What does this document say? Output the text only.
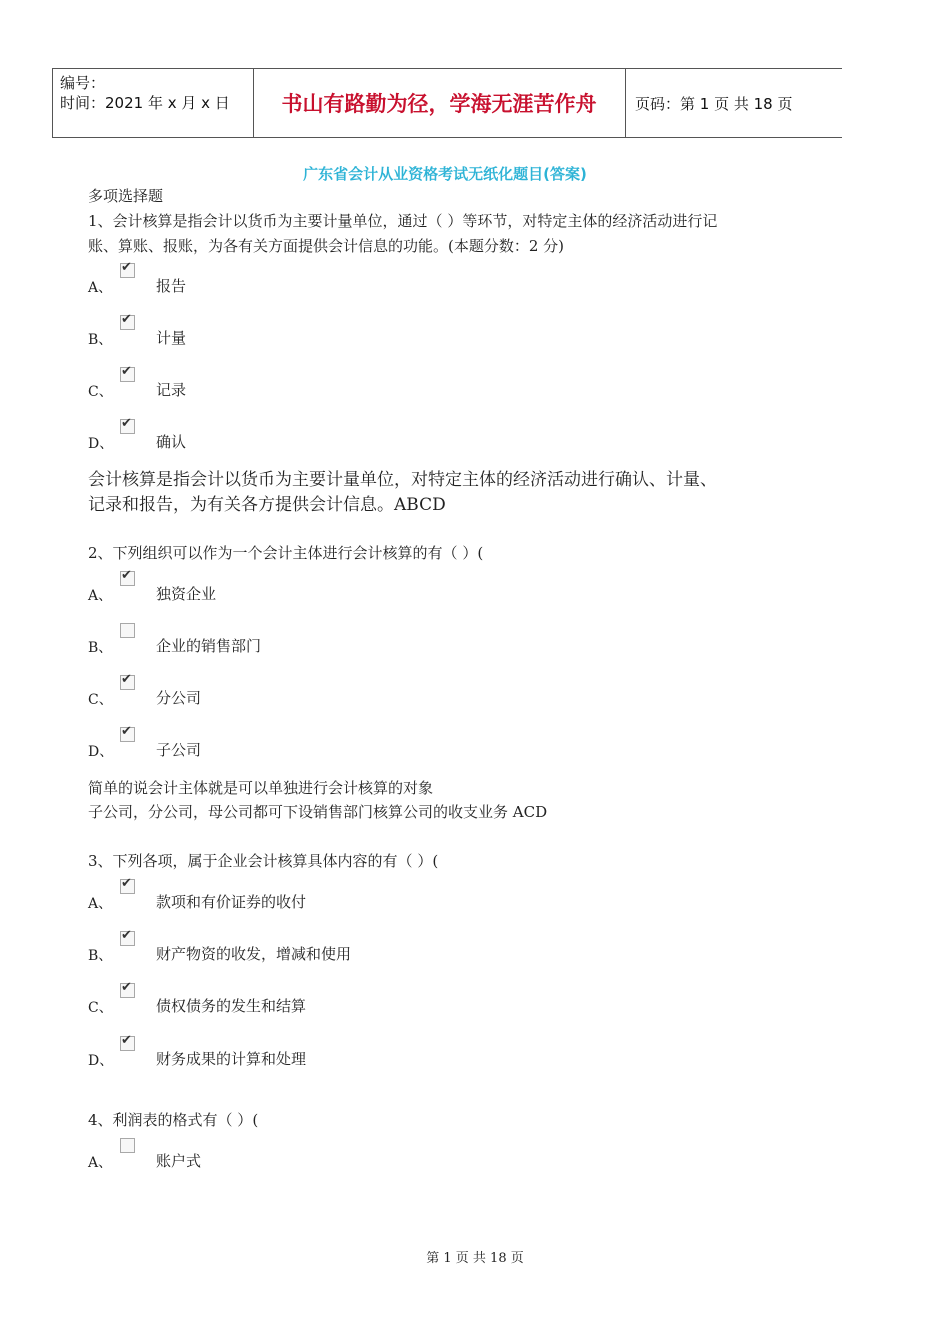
编号：
时间：2021 年 x 月 x 日	书山有路勤为径，学海无涯苦作舟	页码：第 1 页 共 18 页
广东省会计从业资格考试无纸化题目(答案)
多项选择题
1、会计核算是指会计以货币为主要计量单位，通过（ ）等环节，对特定主体的经济活动进行记
账、算账、报账，为各有关方面提供会计信息的功能。(本题分数：2 分)
A、
✔	报告
B、
✔	计量
C、
✔	记录
D、
✔	确认
会计核算是指会计以货币为主要计量单位，对特定主体的经济活动进行确认、计量、
记录和报告，为有关各方提供会计信息。ABCD
2、下列组织可以作为一个会计主体进行会计核算的有（ ）(
A、
✔	独资企业
B、	企业的销售部门
C、
✔	分公司
D、
✔	子公司
简单的说会计主体就是可以单独进行会计核算的对象
子公司，分公司，母公司都可下设销售部门核算公司的收支业务 ACD
3、下列各项，属于企业会计核算具体内容的有（ ）(
A、
✔	款项和有价证券的收付
B、
✔	财产物资的收发，增减和使用
C、
✔	债权债务的发生和结算
D、
✔	财务成果的计算和处理
4、利润表的格式有（ ）(
A、	账户式
第 1 页 共 18 页
